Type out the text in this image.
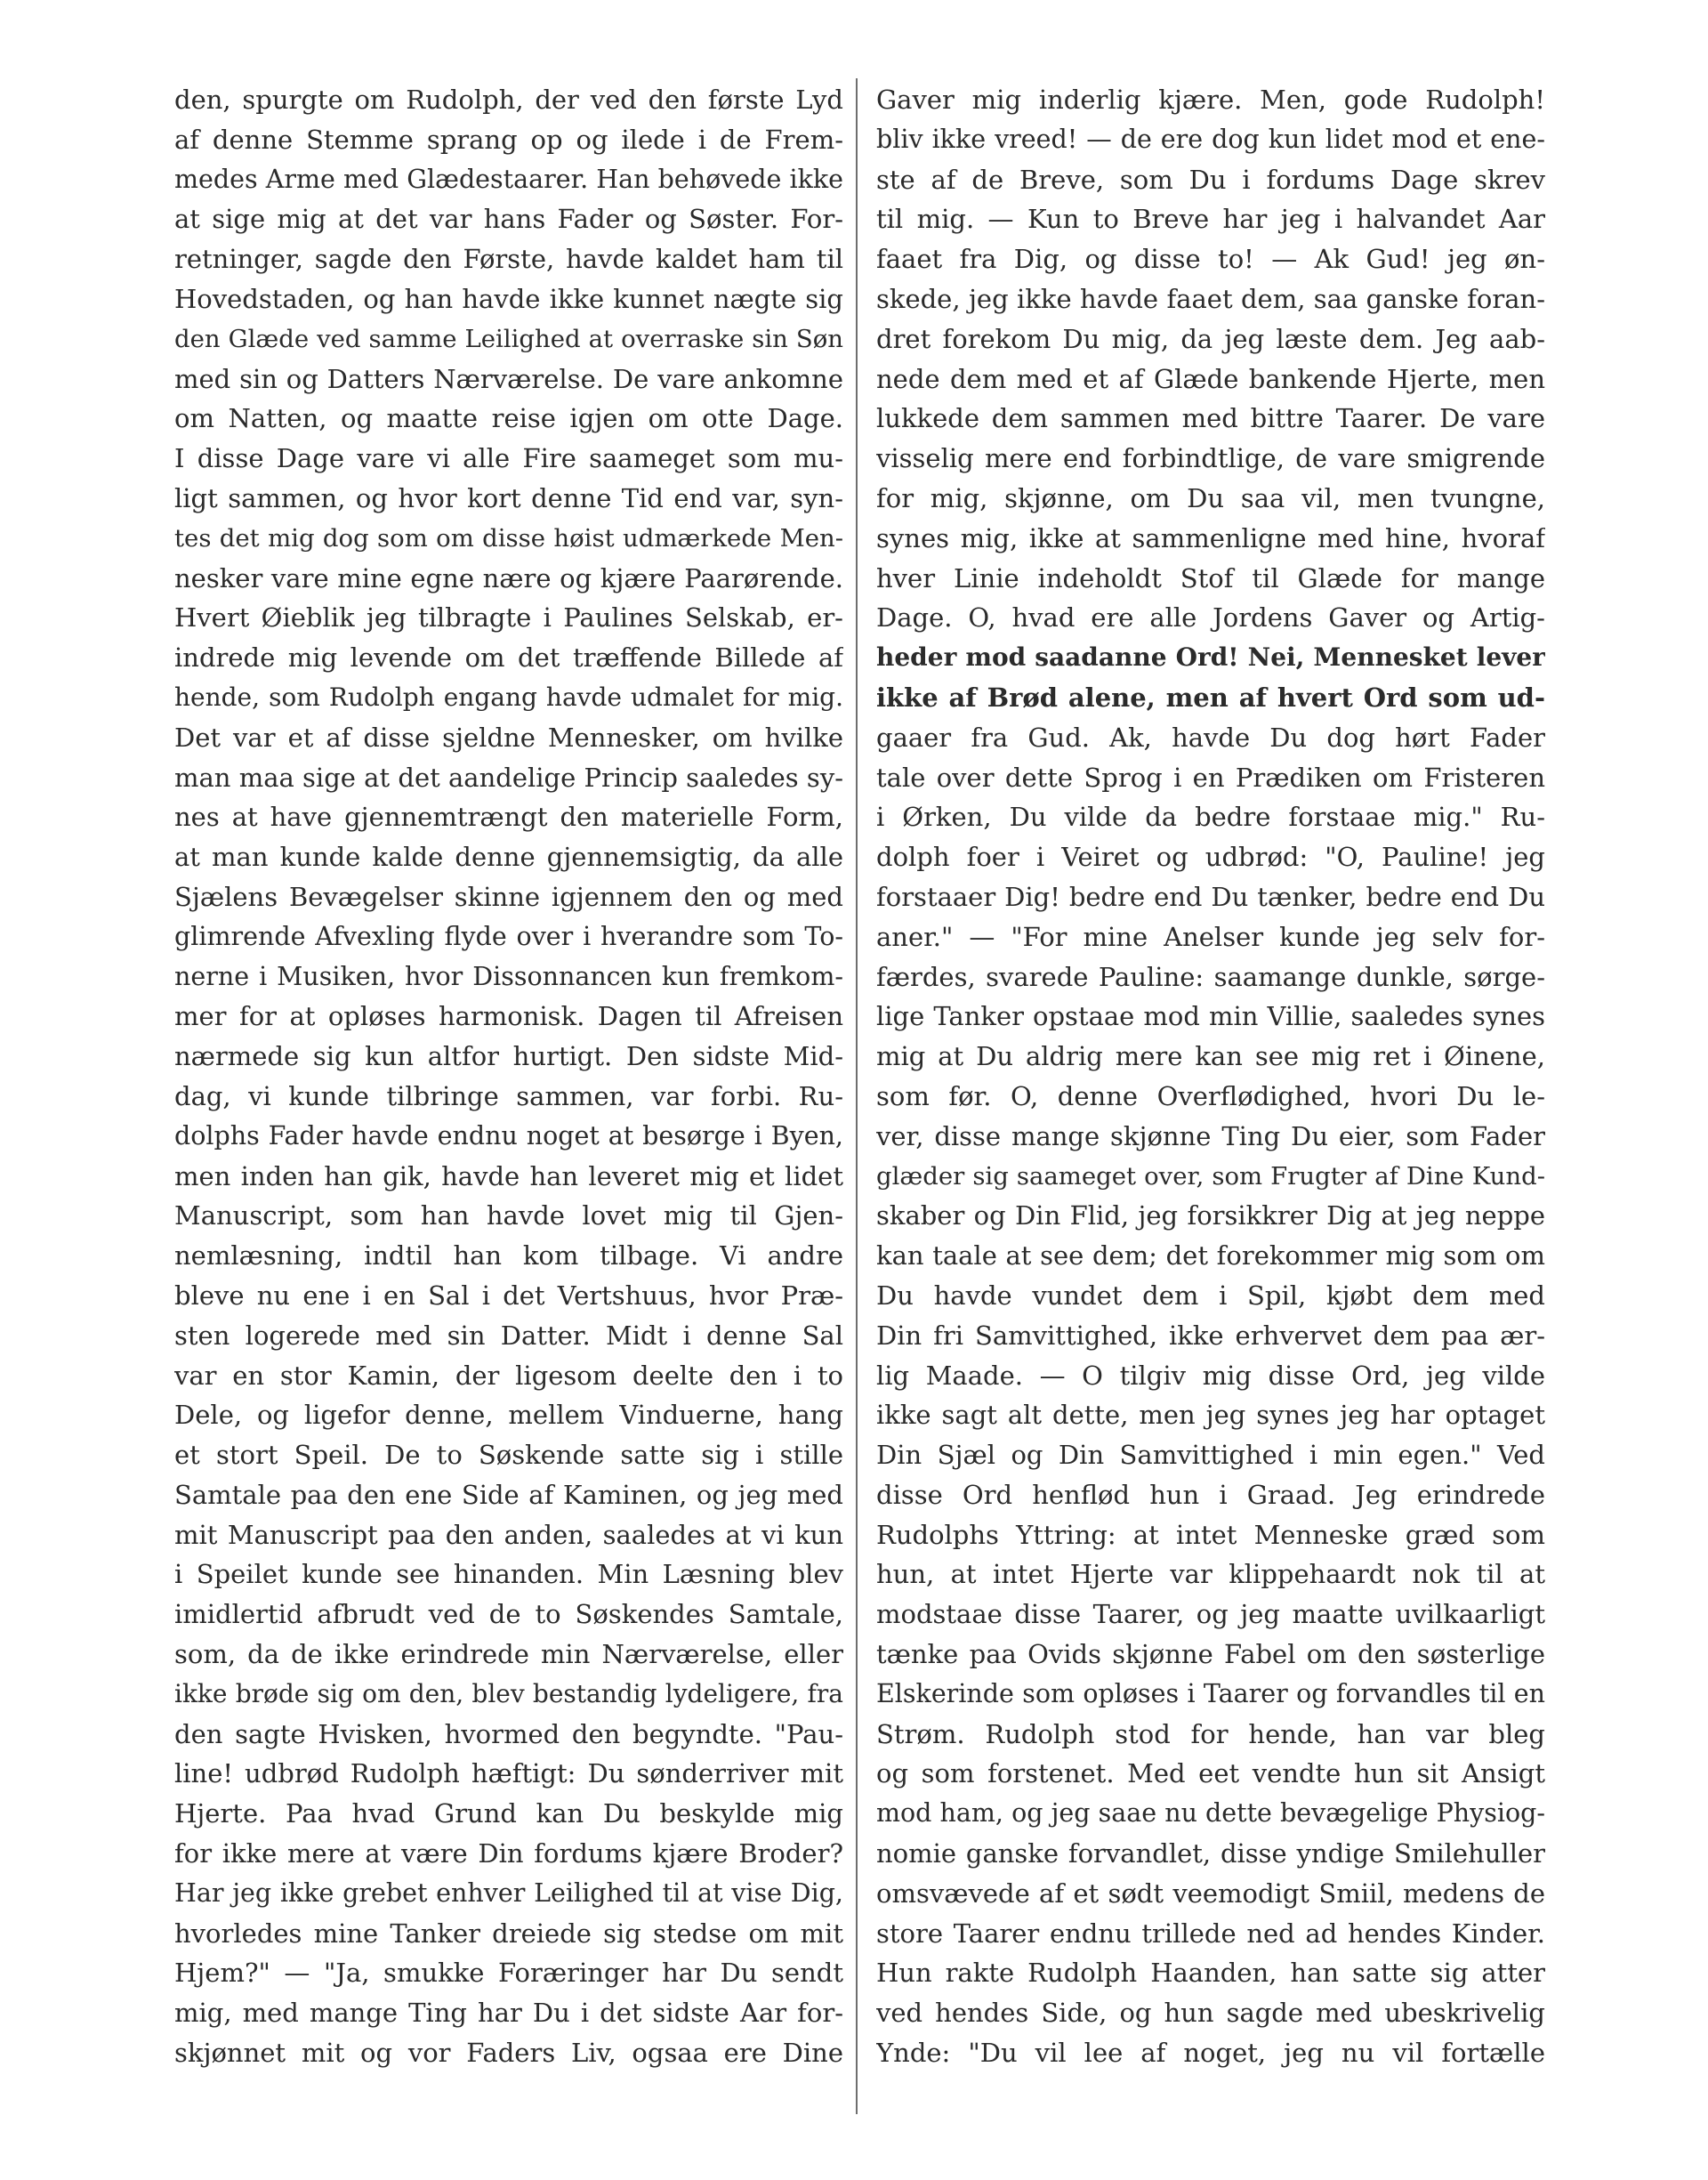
den, spurgte om Rudolph, der ved den første Lyd
af denne Stemme sprang op og ilede i de Frem-
medes Arme med Glædestaarer. Han behøvede ikke
at sige mig at det var hans Fader og Søster. For-
retninger, sagde den Første, havde kaldet ham til
Hovedstaden, og han havde ikke kunnet nægte sig
den Glæde ved samme Leilighed at overraske sin Søn
med sin og Datters Nærværelse. De vare ankomne
om Natten, og maatte reise igjen om otte Dage.
I disse Dage vare vi alle Fire saameget som mu-
ligt sammen, og hvor kort denne Tid end var, syn-
tes det mig dog som om disse høist udmærkede Men-
nesker vare mine egne nære og kjære Paarørende.
Hvert Øieblik jeg tilbragte i Paulines Selskab, er-
indrede mig levende om det træffende Billede af
hende, som Rudolph engang havde udmalet for mig.
Det var et af disse sjeldne Mennesker, om hvilke
man maa sige at det aandelige Princip saaledes sy-
nes at have gjennemtrængt den materielle Form,
at man kunde kalde denne gjennemsigtig, da alle
Sjælens Bevægelser skinne igjennem den og med
glimrende Afvexling flyde over i hverandre som To-
nerne i Musiken, hvor Dissonnancen kun fremkom-
mer for at opløses harmonisk. Dagen til Afreisen
nærmede sig kun altfor hurtigt. Den sidste Mid-
dag, vi kunde tilbringe sammen, var forbi. Ru-
dolphs Fader havde endnu noget at besørge i Byen,
men inden han gik, havde han leveret mig et lidet
Manuscript, som han havde lovet mig til Gjen-
nemlæsning, indtil han kom tilbage. Vi andre
bleve nu ene i en Sal i det Vertshuus, hvor Præ-
sten logerede med sin Datter. Midt i denne Sal
var en stor Kamin, der ligesom deelte den i to
Dele, og ligefor denne, mellem Vinduerne, hang
et stort Speil. De to Søskende satte sig i stille
Samtale paa den ene Side af Kaminen, og jeg med
mit Manuscript paa den anden, saaledes at vi kun
i Speilet kunde see hinanden. Min Læsning blev
imidlertid afbrudt ved de to Søskendes Samtale,
som, da de ikke erindrede min Nærværelse, eller
ikke brøde sig om den, blev bestandig lydeligere, fra
den sagte Hvisken, hvormed den begyndte. "Pau-
line! udbrød Rudolph hæftigt: Du sønderriver mit
Hjerte. Paa hvad Grund kan Du beskylde mig
for ikke mere at være Din fordums kjære Broder?
Har jeg ikke grebet enhver Leilighed til at vise Dig,
hvorledes mine Tanker dreiede sig stedse om mit
Hjem?" — "Ja, smukke Foræringer har Du sendt
mig, med mange Ting har Du i det sidste Aar for-
skjønnet mit og vor Faders Liv, ogsaa ere Dine
Gaver mig inderlig kjære. Men, gode Rudolph!
bliv ikke vreed! — de ere dog kun lidet mod et ene-
ste af de Breve, som Du i fordums Dage skrev
til mig. — Kun to Breve har jeg i halvandet Aar
faaet fra Dig, og disse to! — Ak Gud! jeg øn-
skede, jeg ikke havde faaet dem, saa ganske foran-
dret forekom Du mig, da jeg læste dem. Jeg aab-
nede dem med et af Glæde bankende Hjerte, men
lukkede dem sammen med bittre Taarer. De vare
visselig mere end forbindtlige, de vare smigrende
for mig, skjønne, om Du saa vil, men tvungne,
synes mig, ikke at sammenligne med hine, hvoraf
hver Linie indeholdt Stof til Glæde for mange
Dage. O, hvad ere alle Jordens Gaver og Artig-
heder mod saadanne Ord! Nei, Mennesket lever
ikke af Brød alene, men af hvert Ord som ud-
gaaer fra Gud. Ak, havde Du dog hørt Fader
tale over dette Sprog i en Prædiken om Fristeren
i Ørken, Du vilde da bedre forstaae mig." Ru-
dolph foer i Veiret og udbrød: "O, Pauline! jeg
forstaaer Dig! bedre end Du tænker, bedre end Du
aner." — "For mine Anelser kunde jeg selv for-
færdes, svarede Pauline: saamange dunkle, sørge-
lige Tanker opstaae mod min Villie, saaledes synes
mig at Du aldrig mere kan see mig ret i Øinene,
som før. O, denne Overflødighed, hvori Du le-
ver, disse mange skjønne Ting Du eier, som Fader
glæder sig saameget over, som Frugter af Dine Kund-
skaber og Din Flid, jeg forsikkrer Dig at jeg neppe
kan taale at see dem; det forekommer mig som om
Du havde vundet dem i Spil, kjøbt dem med
Din fri Samvittighed, ikke erhvervet dem paa ær-
lig Maade. — O tilgiv mig disse Ord, jeg vilde
ikke sagt alt dette, men jeg synes jeg har optaget
Din Sjæl og Din Samvittighed i min egen." Ved
disse Ord henflød hun i Graad. Jeg erindrede
Rudolphs Yttring: at intet Menneske græd som
hun, at intet Hjerte var klippehaardt nok til at
modstaae disse Taarer, og jeg maatte uvilkaarligt
tænke paa Ovids skjønne Fabel om den søsterlige
Elskerinde som opløses i Taarer og forvandles til en
Strøm. Rudolph stod for hende, han var bleg
og som forstenet. Med eet vendte hun sit Ansigt
mod ham, og jeg saae nu dette bevægelige Physiog-
nomie ganske forvandlet, disse yndige Smilehuller
omsvævede af et sødt veemodigt Smiil, medens de
store Taarer endnu trillede ned ad hendes Kinder.
Hun rakte Rudolph Haanden, han satte sig atter
ved hendes Side, og hun sagde med ubeskrivelig
Ynde: "Du vil lee af noget, jeg nu vil fortælle
